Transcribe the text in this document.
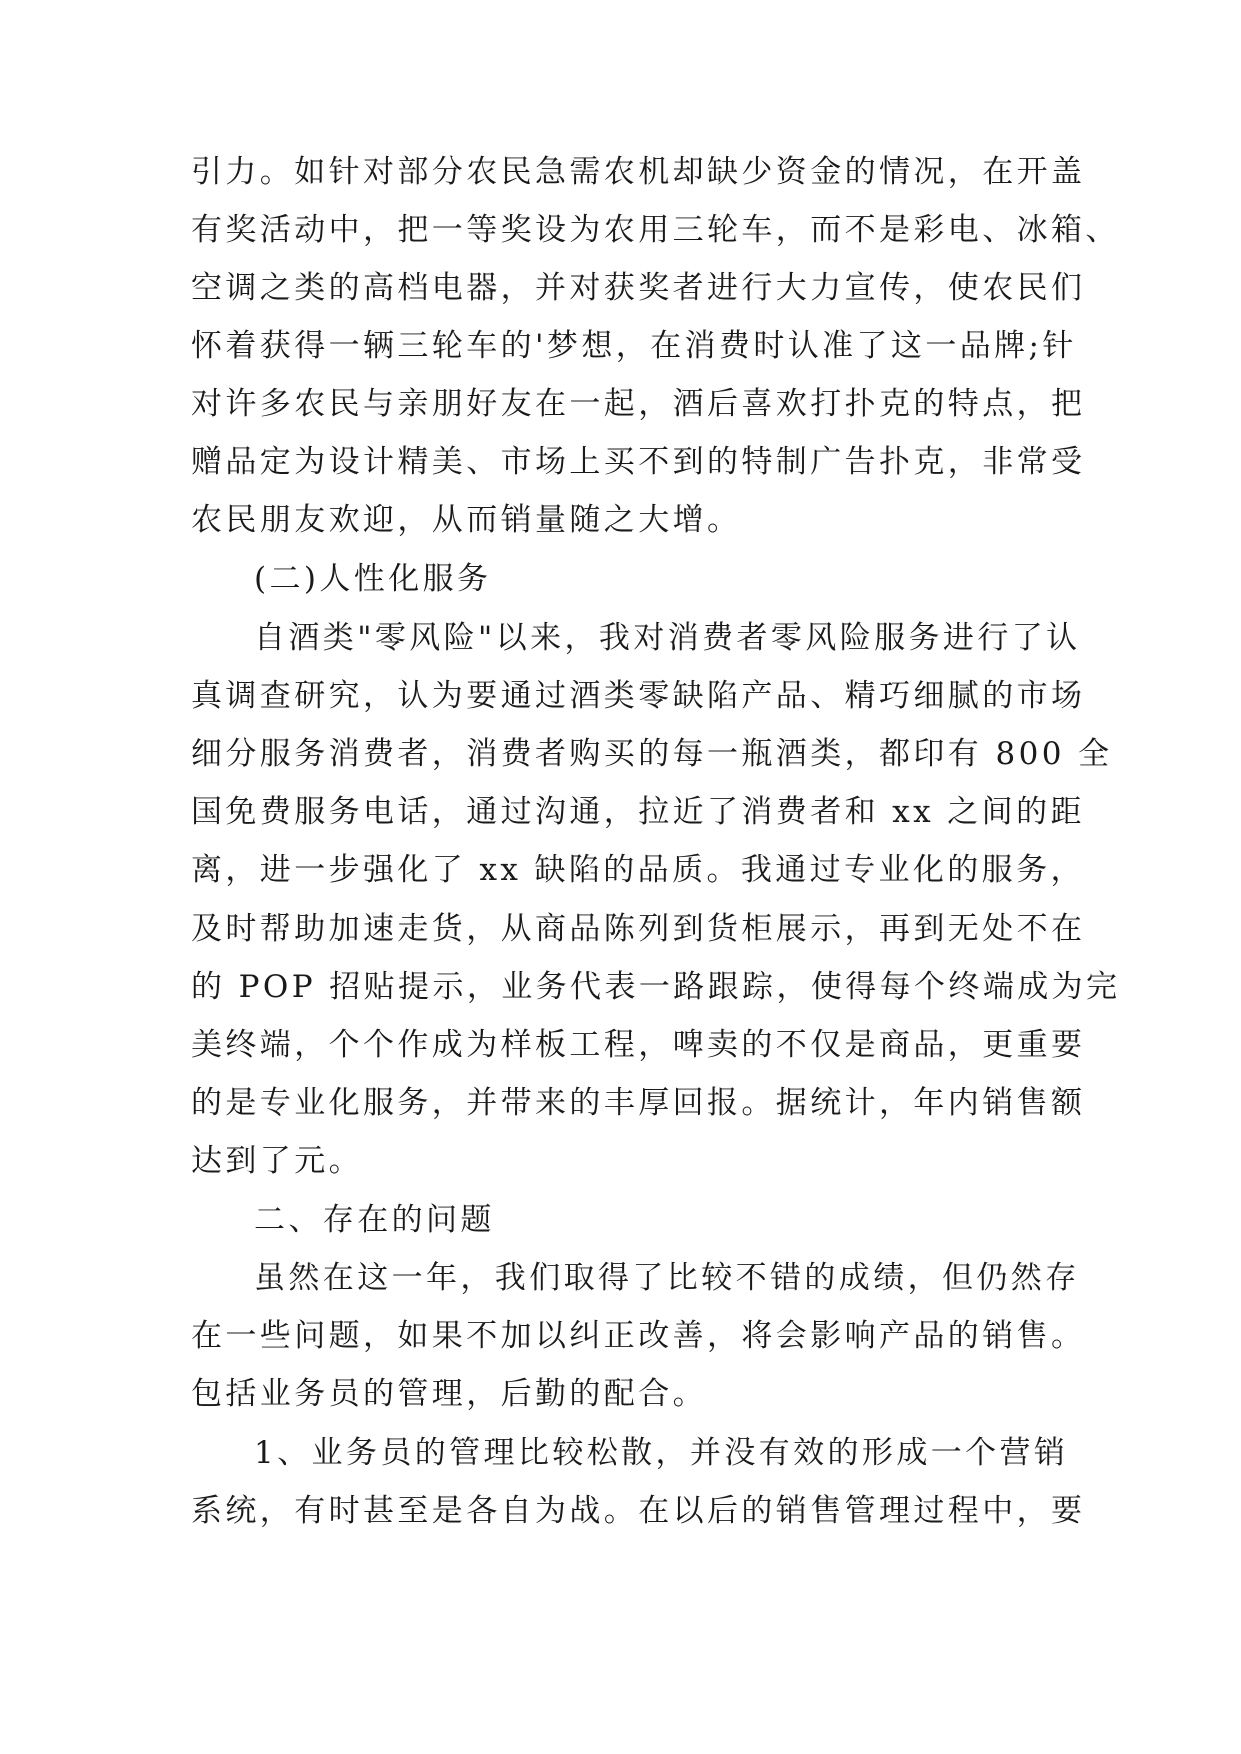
引力。如针对部分农民急需农机却缺少资金的情况，在开盖
有奖活动中，把一等奖设为农用三轮车，而不是彩电、冰箱、
空调之类的高档电器，并对获奖者进行大力宣传，使农民们
怀着获得一辆三轮车的'梦想，在消费时认准了这一品牌;针
对许多农民与亲朋好友在一起，酒后喜欢打扑克的特点，把
赠品定为设计精美、市场上买不到的特制广告扑克，非常受
农民朋友欢迎，从而销量随之大增。
(二)人性化服务
自酒类"零风险"以来，我对消费者零风险服务进行了认
真调查研究，认为要通过酒类零缺陷产品、精巧细腻的市场
细分服务消费者，消费者购买的每一瓶酒类，都印有 800 全
国免费服务电话，通过沟通，拉近了消费者和 xx 之间的距
离，进一步强化了 xx 缺陷的品质。我通过专业化的服务，
及时帮助加速走货，从商品陈列到货柜展示，再到无处不在
的 POP 招贴提示，业务代表一路跟踪，使得每个终端成为完
美终端，个个作成为样板工程，啤卖的不仅是商品，更重要
的是专业化服务，并带来的丰厚回报。据统计，年内销售额
达到了元。
二、存在的问题
虽然在这一年，我们取得了比较不错的成绩，但仍然存
在一些问题，如果不加以纠正改善，将会影响产品的销售。
包括业务员的管理，后勤的配合。
1、业务员的管理比较松散，并没有效的形成一个营销
系统，有时甚至是各自为战。在以后的销售管理过程中，要
